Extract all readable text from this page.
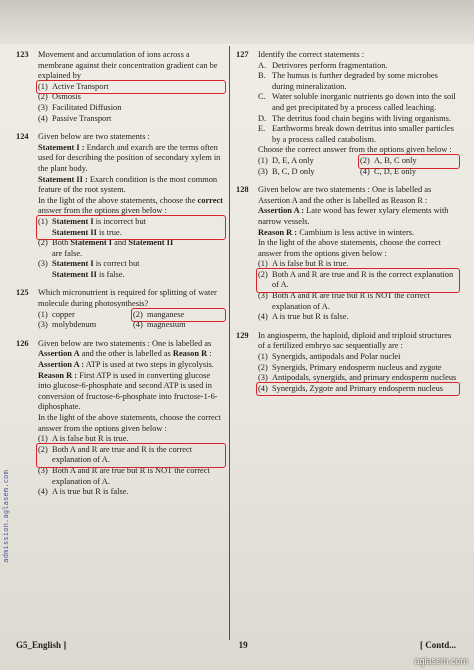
123	Movement and accumulation of ions across a membrane against their concentration gradient can be explained by

(1) Active Transport
(2) Osmosis
(3) Facilitated Diffusion
(4) Passive Transport
124	Given below are two statements :

Statement I : Endarch and exarch are the terms often used for describing the position of secondary xylem in the plant body.

Statement II : Exarch condition is the most common feature of the root system.

In the light of the above statements, choose the correct answer from the options given below :

(1) Statement I is incorrect but
Statement II is true.
(2) Both Statement I and Statement II
are false.
(3) Statement I is correct but
Statement II is false.
125	Which micronutrient is required for splitting of water molecule during photosynthesis?

(1) copper	(2) manganese
(3) molybdenum	(4) magnesium
126	Given below are two statements : One is labelled as Assertion A and the other is labelled as Reason R :

Assertion A : ATP is used at two steps in glycolysis.

Reason R : First ATP is used in converting glucose into glucose-6-phosphate and second ATP is used in conversion of fructose-6-phosphate into fructose-1-6-diphosphate.

In the light of the above statements, choose the correct answer from the options given below :

(1) A is false but R is true.
(2) Both A and R are true and R is the correct explanation of A.
(3) Both A and R are true but R is NOT the correct explanation of A.
(4) A is true but R is false.
127	Identify the correct statements :

A. Detrivores perform fragmentation.
B. The humus is further degraded by some microbes during mineralization.
C. Water soluble inorganic nutrients go down into the soil and get precipitated by a process called leaching.
D. The detritus food chain begins with living organisms.
E. Earthworms break down detritus into smaller particles by a process called catabolism.

Choose the correct answer from the options given below :

(1) D, E, A only	(2) A, B, C only
(3) B, C, D only	(4) C, D, E only
128	Given below are two statements : One is labelled as Assertion A and the other is labelled as Reason R :

Assertion A : Late wood has fewer xylary elements with narrow vessels.

Reason R : Cambium is less active in winters.

In the light of the above statements, choose the correct answer from the options given below :

(1) A is false but R is true.
(2) Both A and R are true and R is the correct explanation of A.
(3) Both A and R are true but R is NOT the correct explanation of A.
(4) A is true but R is false.
129	In angiosperm, the haploid, diploid and triploid structures of a fertilized embryo sac sequentially are :

(1) Synergids, antipodals and Polar nuclei
(2) Synergids, Primary endosperm nucleus and zygote
(3) Antipodals, synergids, and primary endosperm nucleus
(4) Synergids, Zygote and Primary endosperm nucleus
admission.aglasem.com
G5_English ]	19	[ Contd...
aglasem.com
